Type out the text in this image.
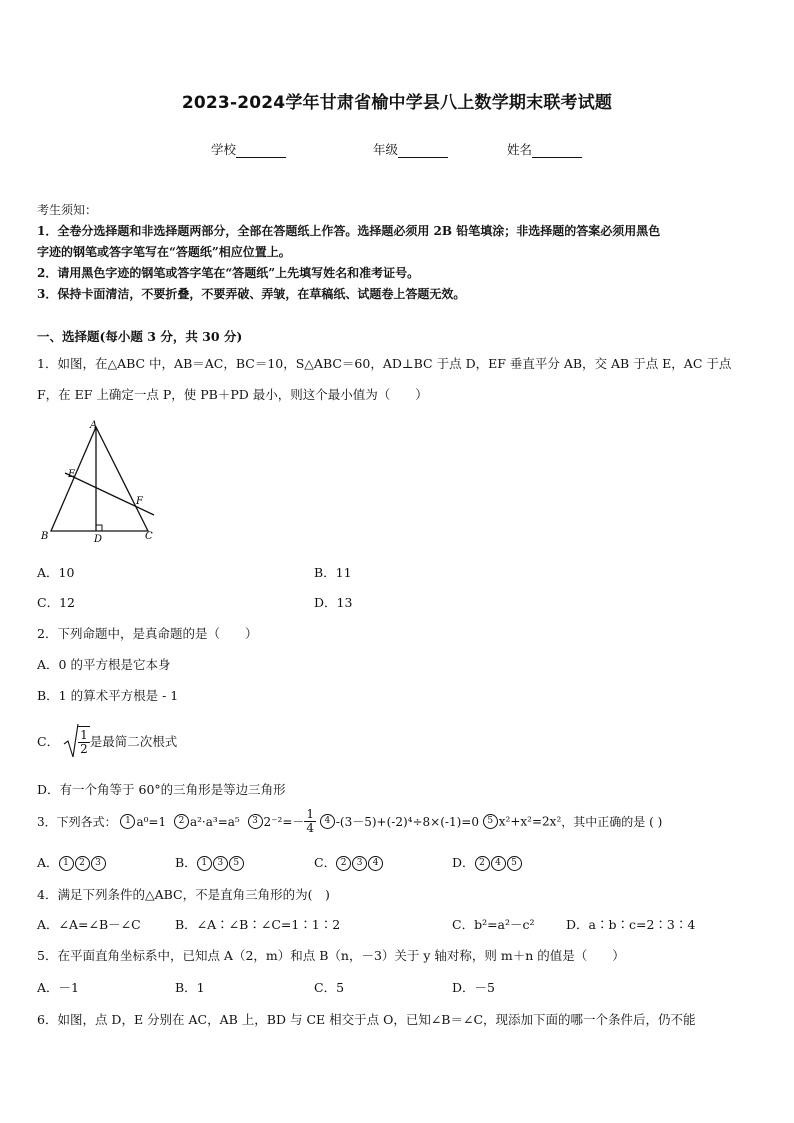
2023-2024学年甘肃省榆中学县八上数学期末联考试题
学校	年级	姓名
考生须知：
1．全卷分选择题和非选择题两部分，全部在答题纸上作答。选择题必须用 2B 铅笔填涂；非选择题的答案必须用黑色
字迹的钢笔或答字笔写在“答题纸”相应位置上。
2．请用黑色字迹的钢笔或答字笔在“答题纸”上先填写姓名和准考证号。
3．保持卡面清洁，不要折叠，不要弄破、弄皱，在草稿纸、试题卷上答题无效。
一、选择题(每小题 3 分，共 30 分)
1．如图，在△ABC 中，AB＝AC，BC＝10，S△ABC＝60，AD⊥BC 于点 D，EF 垂直平分 AB，交 AB 于点 E，AC 于点
F，在 EF 上确定一点 P，使 PB＋PD 最小，则这个最小值为（　　）
A
B	C
D
E
F
A．10	B．11
C．12	D．13
2．下列命题中，是真命题的是（　　）
A．0 的平方根是它本身
B．1 的算术平方根是 - 1
C． $\frac{1}{2}$ 是最简二次根式
D．有一个角等于 60°的三角形是等边三角形
3．下列各式： 1 a⁰=1 2 a²·a³=a⁵ 3 $2^{-2}=- \frac{1}{4} 4$ -(3－5)+(-2)⁴÷8×(-1)=0 5 x²+x²=2x²，其中正确的是 ( )
A． 1 2 3	B． 1 3 5	C． 2 3 4	D． 2 4 5
4．满足下列条件的△ABC，不是直角三角形的为(　)
A．∠A=∠B－∠C	B．∠A∶∠B∶∠C=1∶1∶2	C．b²=a²－c²	D．a∶b∶c=2∶3∶4
5．在平面直角坐标系中，已知点 A（2，m）和点 B（n，－3）关于 y 轴对称，则 m＋n 的值是（　　）
A．－1	B．1	C．5	D．－5
6．如图，点 D，E 分别在 AC，AB 上，BD 与 CE 相交于点 O，已知∠B＝∠C，现添加下面的哪一个条件后，仍不能
